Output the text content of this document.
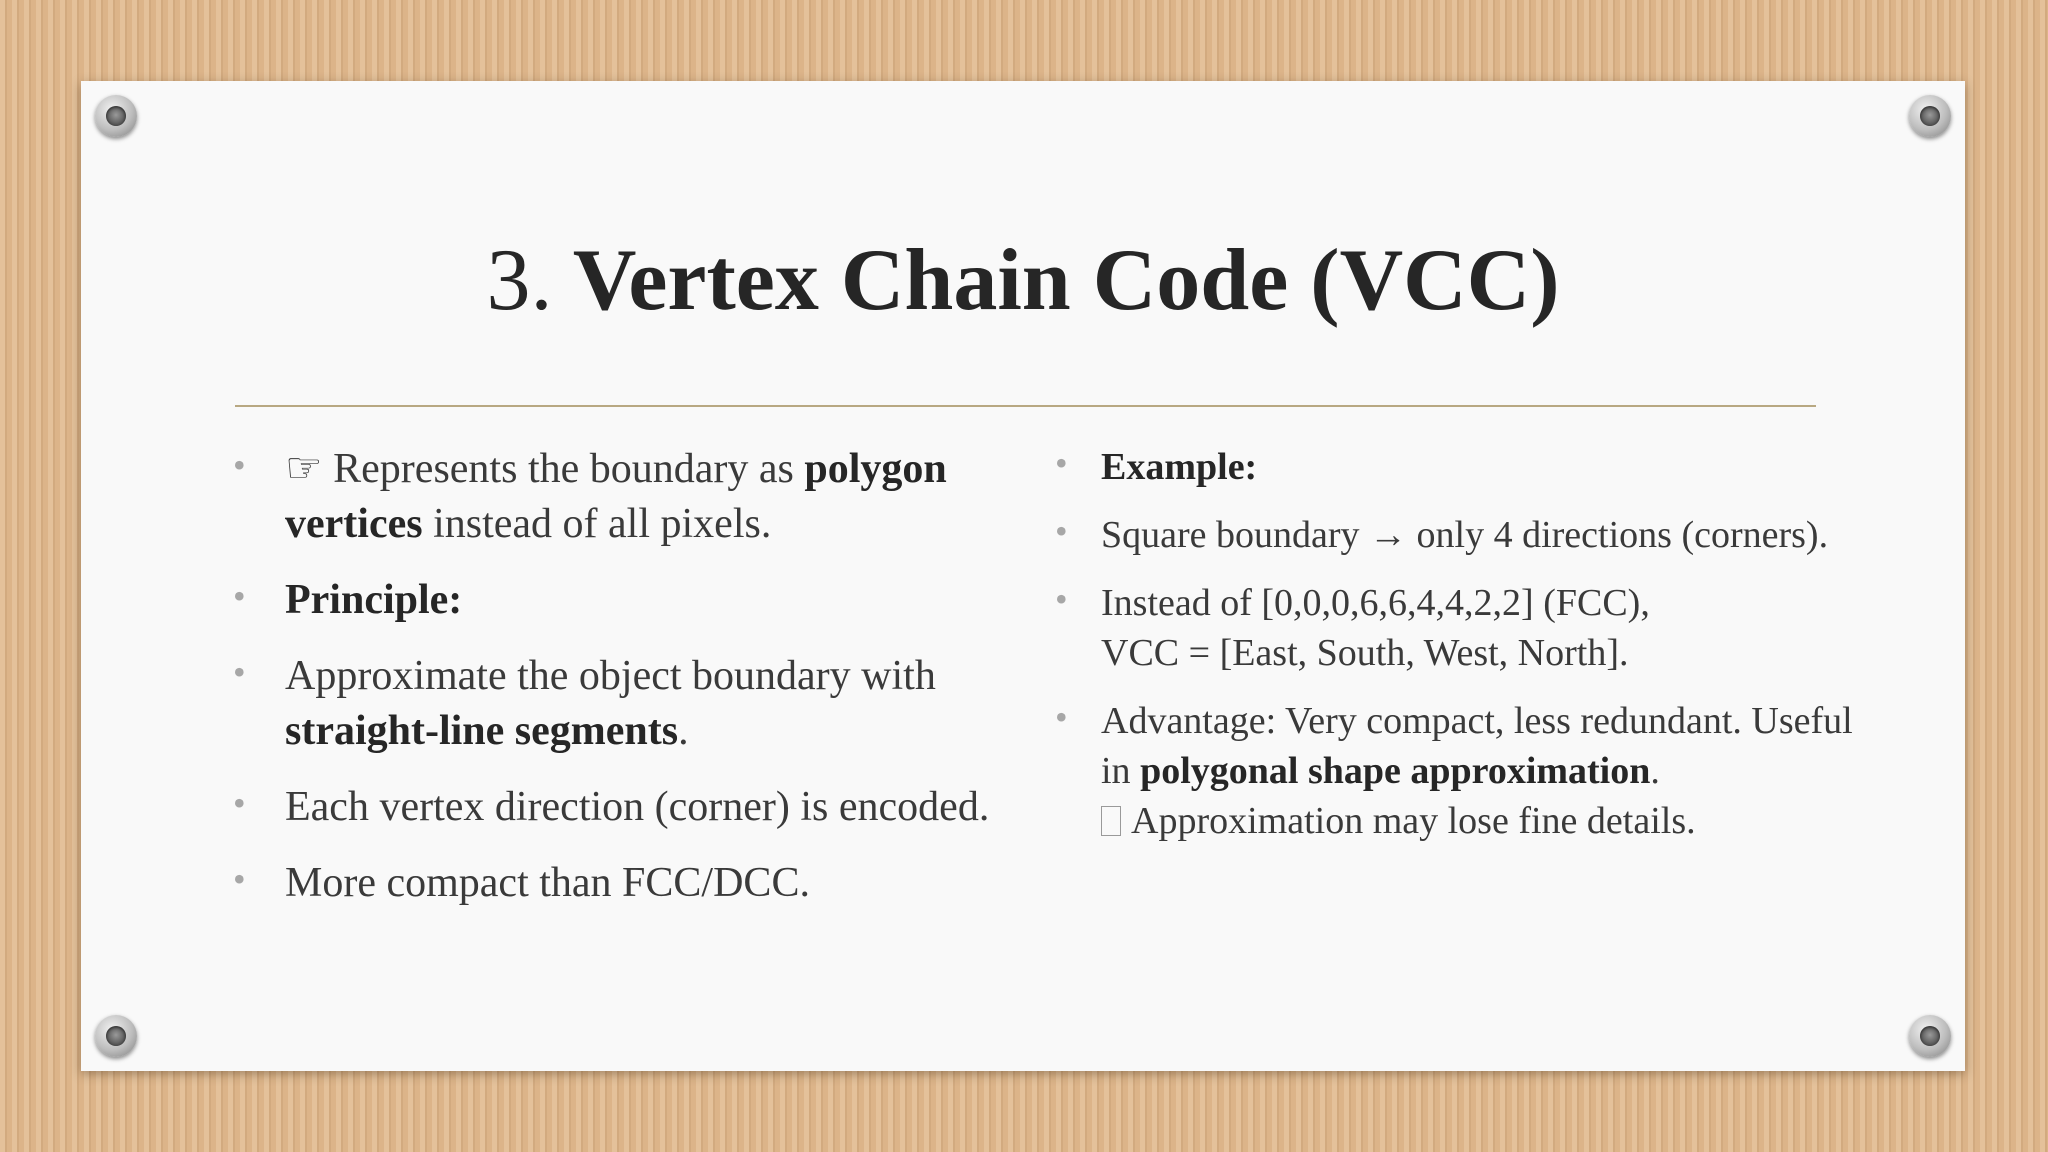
3. Vertex Chain Code (VCC)
• ☞ Represents the boundary as polygon vertices instead of all pixels.
• Principle:
• Approximate the object boundary with straight-line segments.
• Each vertex direction (corner) is encoded.
• More compact than FCC/DCC.
• Example:
• Square boundary → only 4 directions (corners).
• Instead of [0,0,0,6,6,4,4,2,2] (FCC),
VCC = [East, South, West, North].
• Advantage: Very compact, less redundant. Useful in polygonal shape approximation.
Approximation may lose fine details.
